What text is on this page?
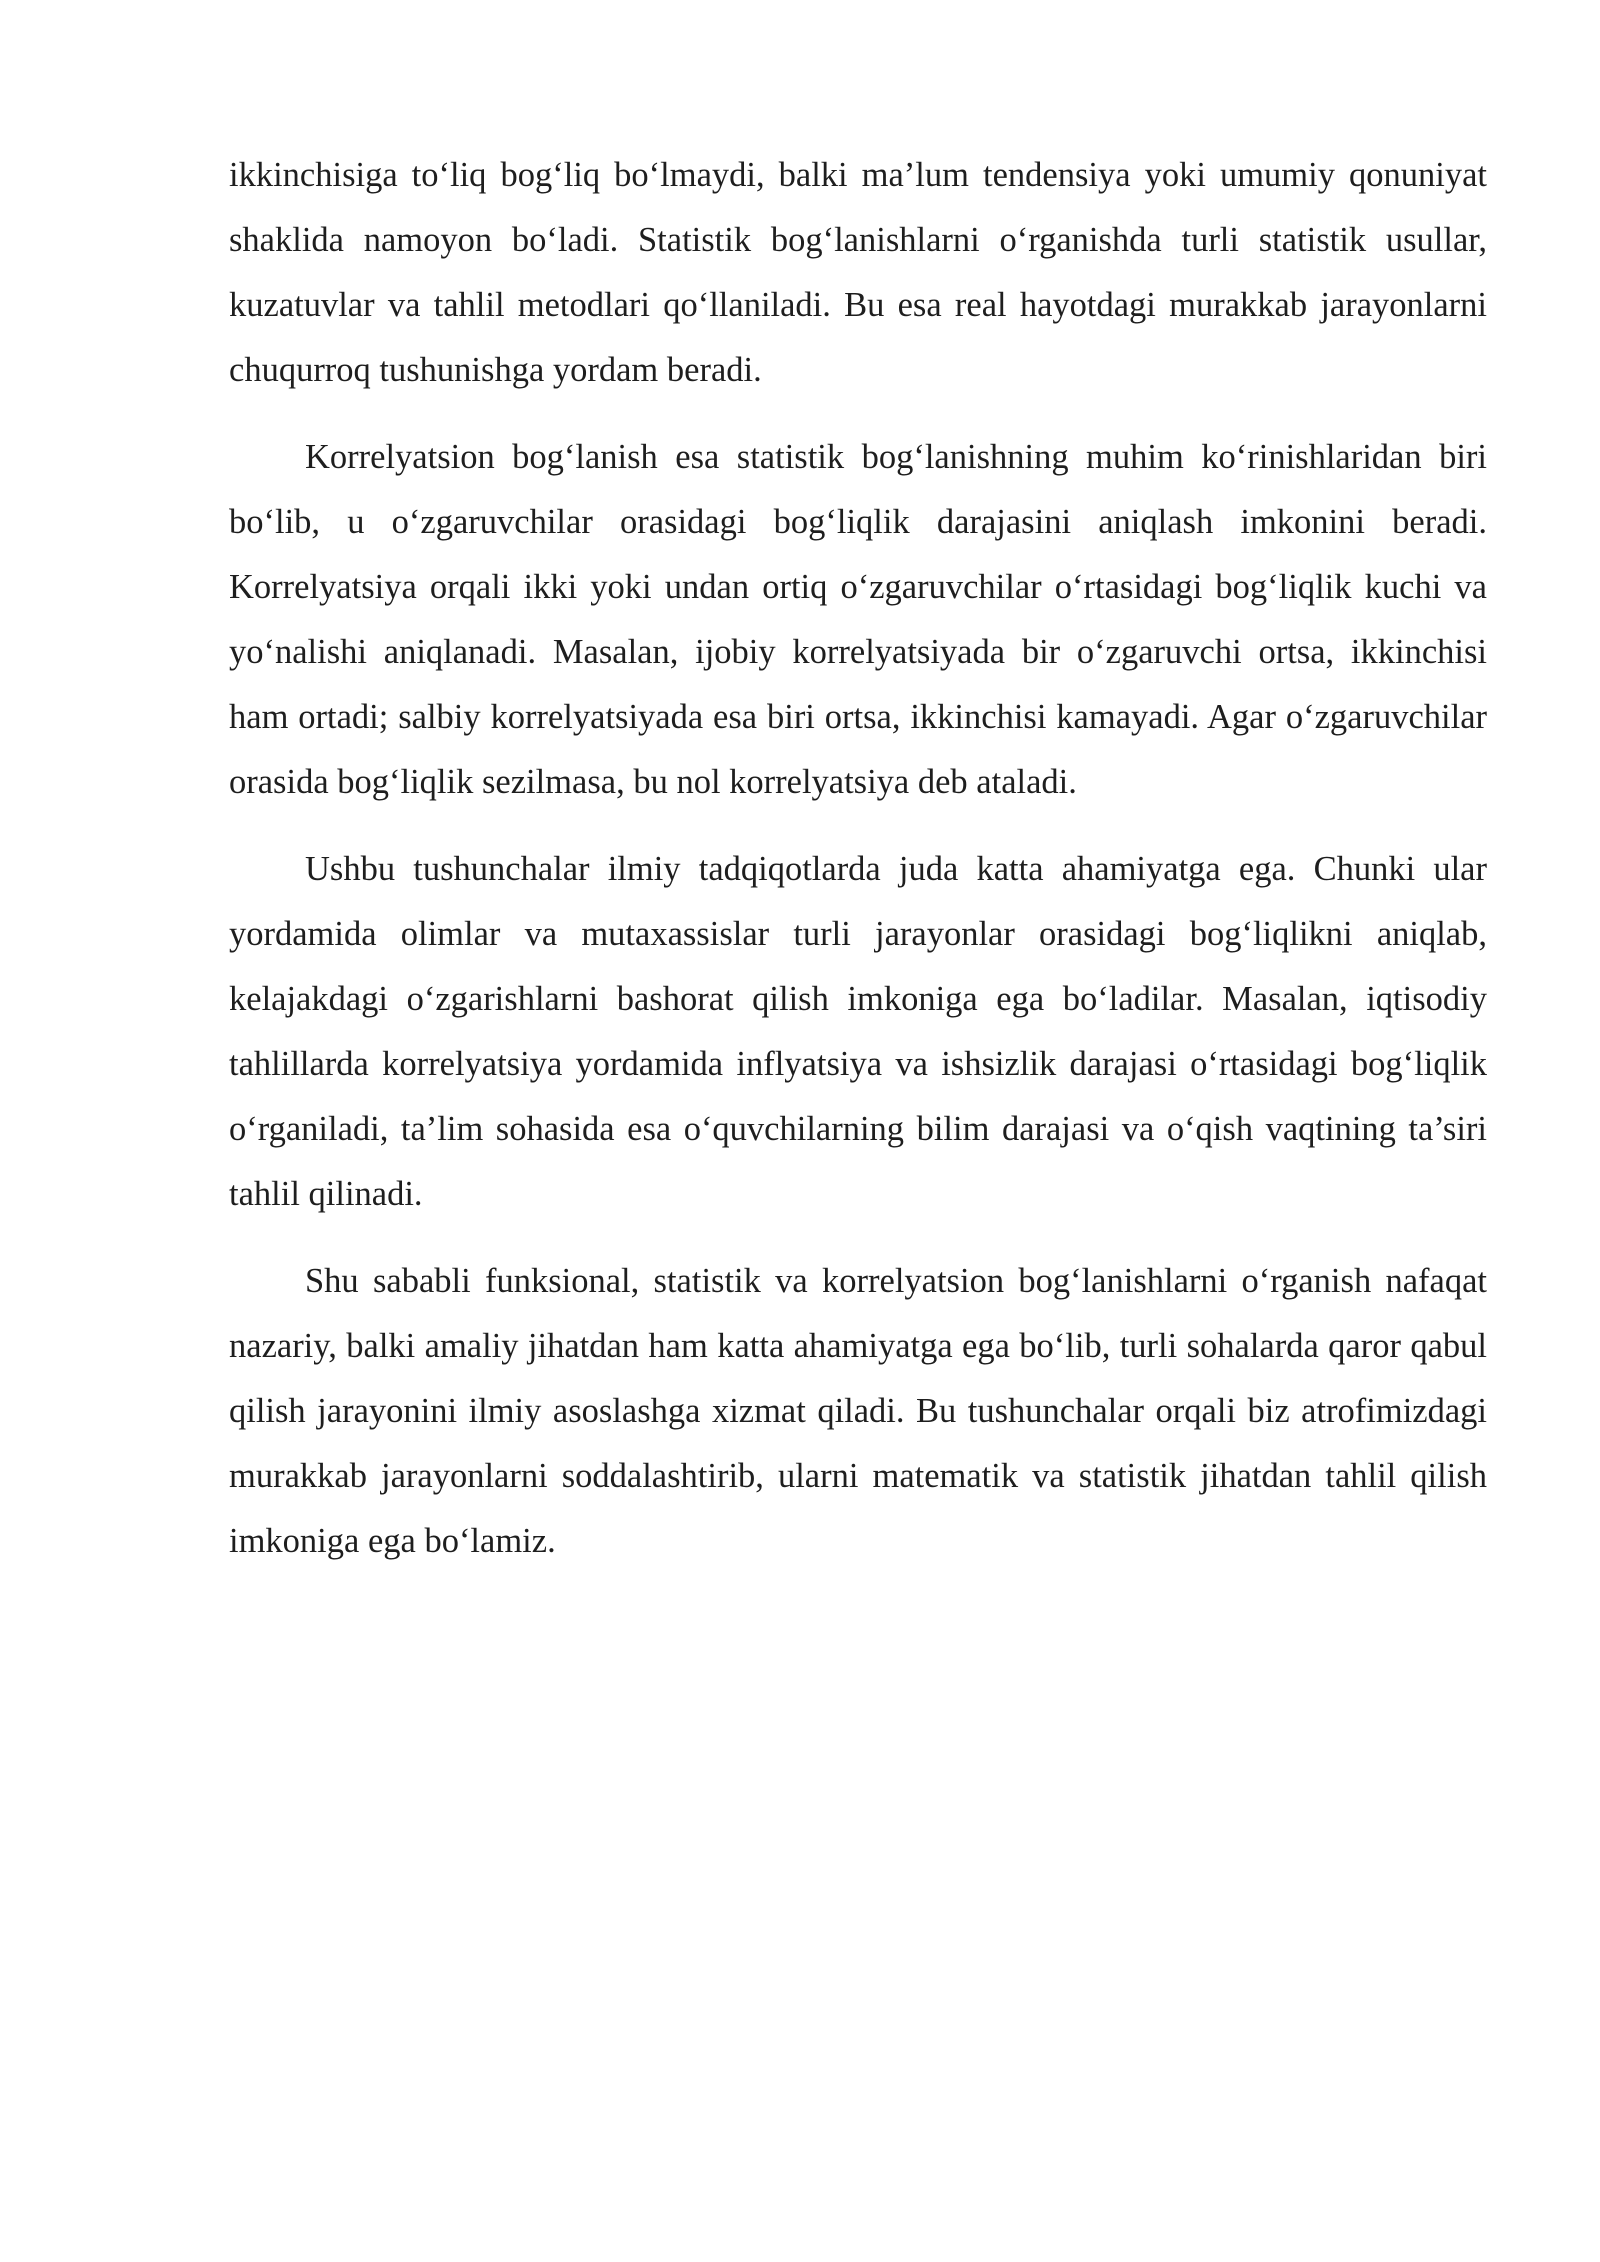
ikkinchisiga to‘liq bog‘liq bo‘lmaydi, balki ma’lum tendensiya yoki umumiy qonuniyat shaklida namoyon bo‘ladi. Statistik bog‘lanishlarni o‘rganishda turli statistik usullar, kuzatuvlar va tahlil metodlari qo‘llaniladi. Bu esa real hayotdagi murakkab jarayonlarni chuqurroq tushunishga yordam beradi.

Korrelyatsion bog‘lanish esa statistik bog‘lanishning muhim ko‘rinishlaridan biri bo‘lib, u o‘zgaruvchilar orasidagi bog‘liqlik darajasini aniqlash imkonini beradi. Korrelyatsiya orqali ikki yoki undan ortiq o‘zgaruvchilar o‘rtasidagi bog‘liqlik kuchi va yo‘nalishi aniqlanadi. Masalan, ijobiy korrelyatsiyada bir o‘zgaruvchi ortsa, ikkinchisi ham ortadi; salbiy korrelyatsiyada esa biri ortsa, ikkinchisi kamayadi. Agar o‘zgaruvchilar orasida bog‘liqlik sezilmasa, bu nol korrelyatsiya deb ataladi.

Ushbu tushunchalar ilmiy tadqiqotlarda juda katta ahamiyatga ega. Chunki ular yordamida olimlar va mutaxassislar turli jarayonlar orasidagi bog‘liqlikni aniqlab, kelajakdagi o‘zgarishlarni bashorat qilish imkoniga ega bo‘ladilar. Masalan, iqtisodiy tahlillarda korrelyatsiya yordamida inflyatsiya va ishsizlik darajasi o‘rtasidagi bog‘liqlik o‘rganiladi, ta’lim sohasida esa o‘quvchilarning bilim darajasi va o‘qish vaqtining ta’siri tahlil qilinadi.

Shu sababli funksional, statistik va korrelyatsion bog‘lanishlarni o‘rganish nafaqat nazariy, balki amaliy jihatdan ham katta ahamiyatga ega bo‘lib, turli sohalarda qaror qabul qilish jarayonini ilmiy asoslashga xizmat qiladi. Bu tushunchalar orqali biz atrofimizdagi murakkab jarayonlarni soddalashtirib, ularni matematik va statistik jihatdan tahlil qilish imkoniga ega bo‘lamiz.
